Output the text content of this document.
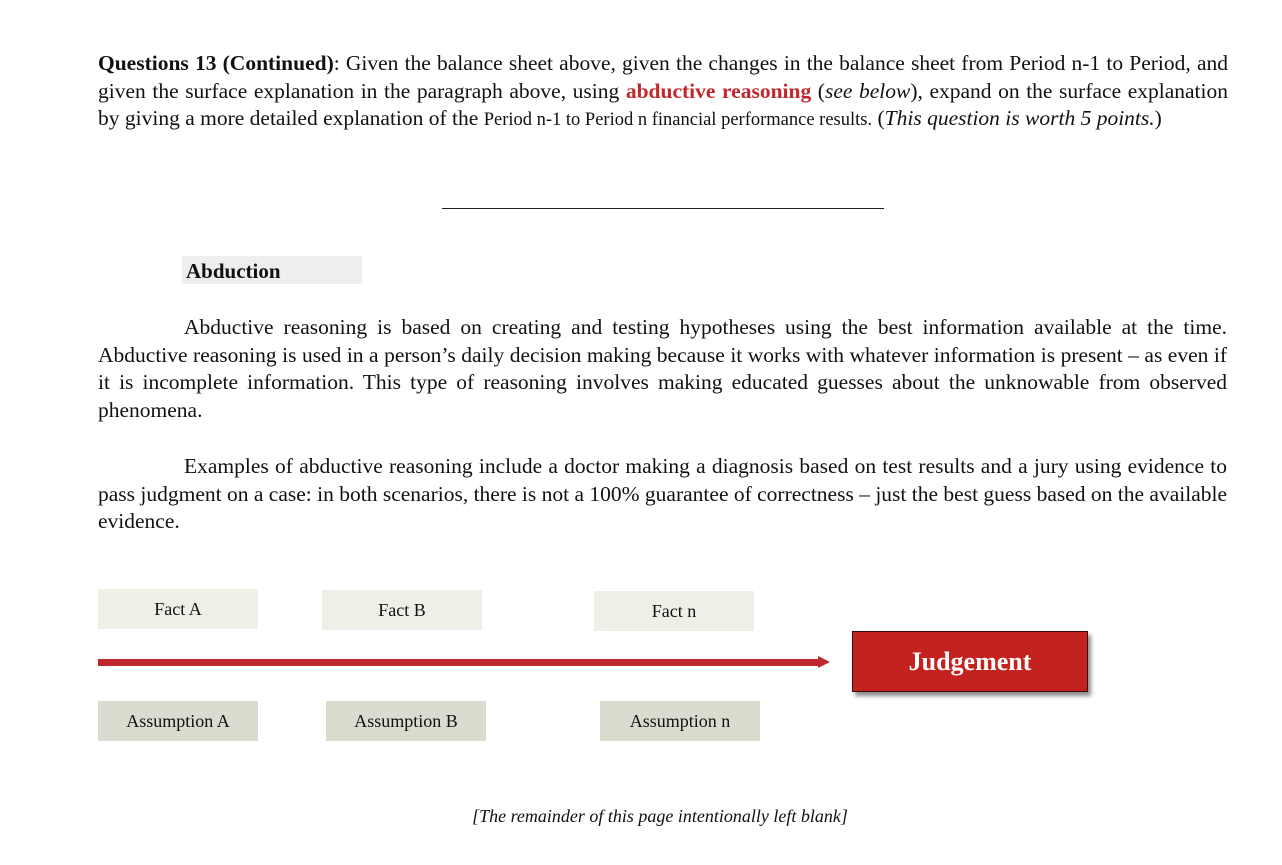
Questions 13 (Continued): Given the balance sheet above, given the changes in the balance sheet from Period n-1 to Period, and given the surface explanation in the paragraph above, using abductive reasoning (see below), expand on the surface explanation by giving a more detailed explanation of the Period n-1 to Period n financial performance results. (This question is worth 5 points.)

Abduction

Abductive reasoning is based on creating and testing hypotheses using the best information available at the time. Abductive reasoning is used in a person’s daily decision making because it works with whatever information is present – as even if it is incomplete information. This type of reasoning involves making educated guesses about the unknowable from observed phenomena.

Examples of abductive reasoning include a doctor making a diagnosis based on test results and a jury using evidence to pass judgment on a case: in both scenarios, there is not a 100% guarantee of correctness – just the best guess based on the available evidence.

Fact A	Fact B	Fact n
Judgement
Assumption A	Assumption B	Assumption n
[The remainder of this page intentionally left blank]
